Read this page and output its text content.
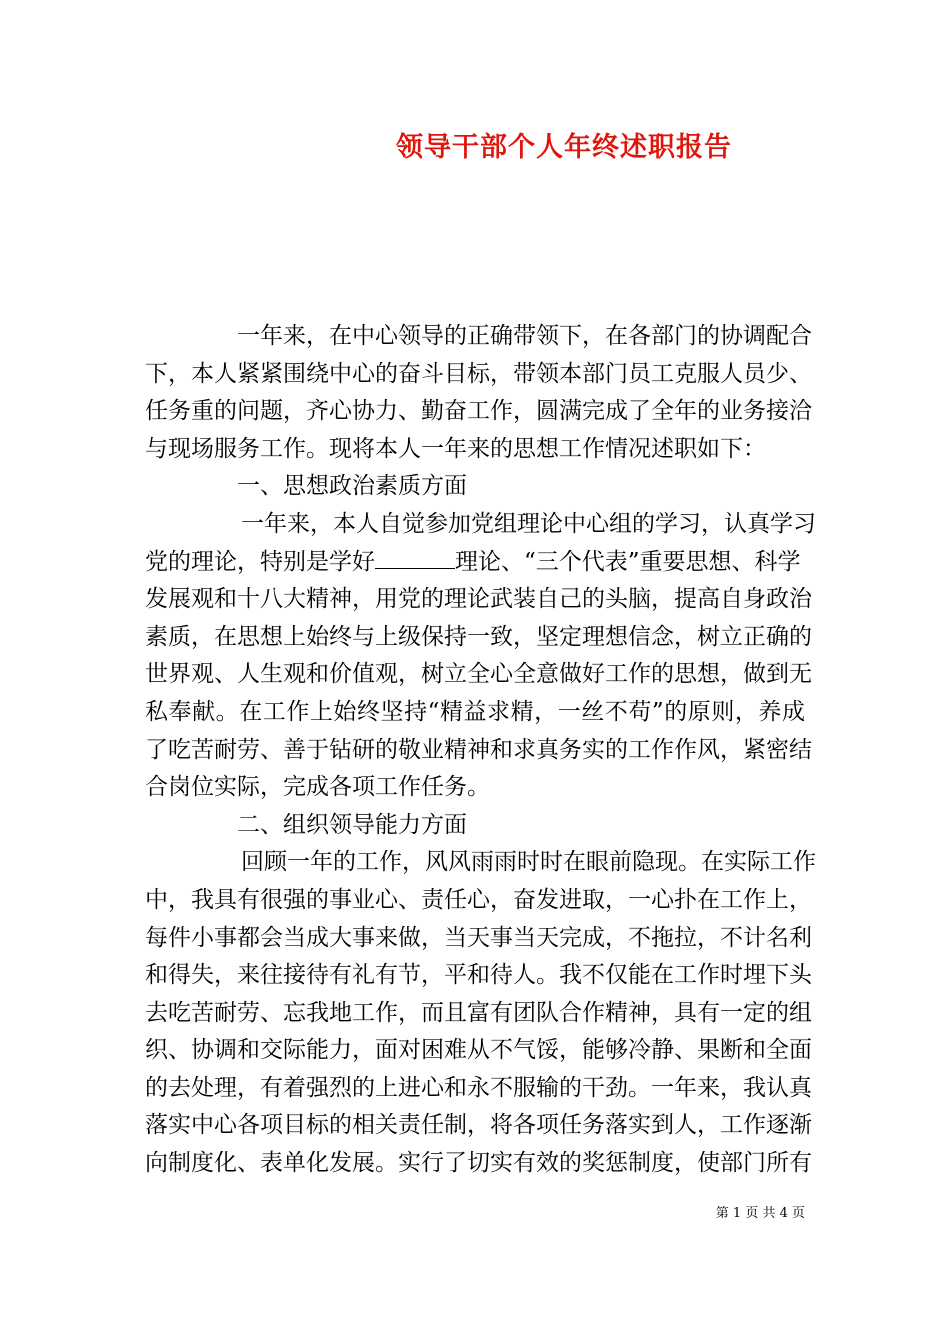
领导干部个人年终述职报告
一年来，在中心领导的正确带领下，在各部门的协调配合
下，本人紧紧围绕中心的奋斗目标，带领本部门员工克服人员少、
任务重的问题，齐心协力、勤奋工作，圆满完成了全年的业务接洽
与现场服务工作。现将本人一年来的思想工作情况述职如下：
一、思想政治素质方面
一年来，本人自觉参加党组理论中心组的学习，认真学习
党的理论，特别是学好	理论、“三个代表”重要思想、科学
发展观和十八大精神，用党的理论武装自己的头脑，提高自身政治
素质，在思想上始终与上级保持一致，坚定理想信念，树立正确的
世界观、人生观和价值观，树立全心全意做好工作的思想，做到无
私奉献。在工作上始终坚持“精益求精，一丝不苟”的原则，养成
了吃苦耐劳、善于钻研的敬业精神和求真务实的工作作风，紧密结
合岗位实际，完成各项工作任务。
二、组织领导能力方面
回顾一年的工作，风风雨雨时时在眼前隐现。在实际工作
中，我具有很强的事业心、责任心，奋发进取，一心扑在工作上，
每件小事都会当成大事来做，当天事当天完成，不拖拉，不计名利
和得失，来往接待有礼有节，平和待人。我不仅能在工作时埋下头
去吃苦耐劳、忘我地工作，而且富有团队合作精神，具有一定的组
织、协调和交际能力，面对困难从不气馁，能够冷静、果断和全面
的去处理，有着强烈的上进心和永不服输的干劲。一年来，我认真
落实中心各项目标的相关责任制，将各项任务落实到人，工作逐渐
向制度化、表单化发展。实行了切实有效的奖惩制度，使部门所有
第 1 页 共 4 页
